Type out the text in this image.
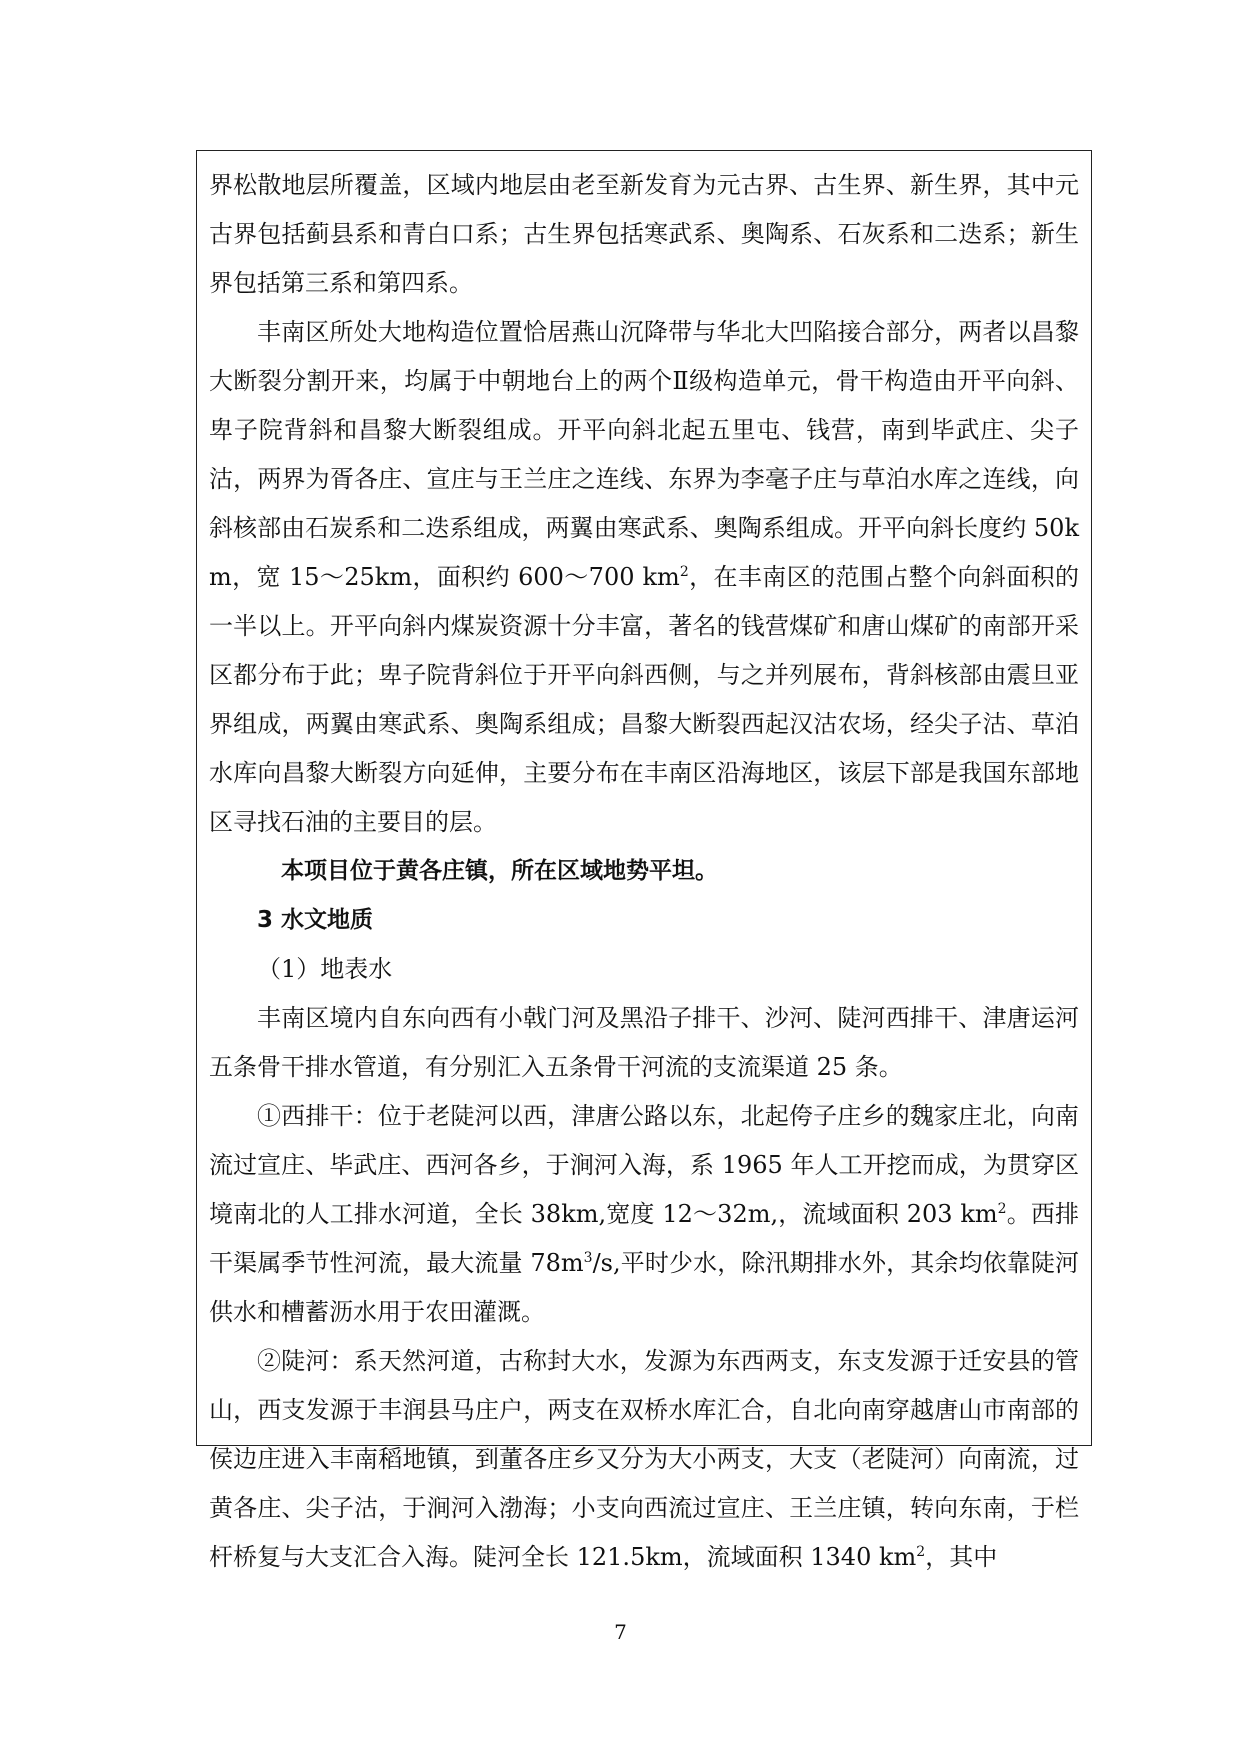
界松散地层所覆盖，区域内地层由老至新发育为元古界、古生界、新生界，其中元古界包括蓟县系和青白口系；古生界包括寒武系、奥陶系、石灰系和二迭系；新生界包括第三系和第四系。

丰南区所处大地构造位置恰居燕山沉降带与华北大凹陷接合部分，两者以昌黎大断裂分割开来，均属于中朝地台上的两个Ⅱ级构造单元，骨干构造由开平向斜、卑子院背斜和昌黎大断裂组成。开平向斜北起五里屯、钱营，南到毕武庄、尖子沽，两界为胥各庄、宣庄与王兰庄之连线、东界为李毫子庄与草泊水库之连线，向斜核部由石炭系和二迭系组成，两翼由寒武系、奥陶系组成。开平向斜长度约 50km，宽 15～25km，面积约 600～700 $km^2$，在丰南区的范围占整个向斜面积的一半以上。开平向斜内煤炭资源十分丰富，著名的钱营煤矿和唐山煤矿的南部开采区都分布于此；卑子院背斜位于开平向斜西侧，与之并列展布，背斜核部由震旦亚界组成，两翼由寒武系、奥陶系组成；昌黎大断裂西起汉沽农场，经尖子沽、草泊水库向昌黎大断裂方向延伸，主要分布在丰南区沿海地区，该层下部是我国东部地区寻找石油的主要目的层。

本项目位于黄各庄镇，所在区域地势平坦。

3 水文地质

（1）地表水

丰南区境内自东向西有小戟门河及黑沿子排干、沙河、陡河西排干、津唐运河五条骨干排水管道，有分别汇入五条骨干河流的支流渠道 25 条。

①西排干：位于老陡河以西，津唐公路以东，北起侉子庄乡的魏家庄北，向南流过宣庄、毕武庄、西河各乡，于涧河入海，系 1965 年人工开挖而成，为贯穿区境南北的人工排水河道，全长 38km,宽度 12～32m,，流域面积 203 $km^2$。西排干渠属季节性河流，最大流量 $78m^3/s$,平时少水，除汛期排水外，其余均依靠陡河供水和槽蓄沥水用于农田灌溉。

②陡河：系天然河道，古称封大水，发源为东西两支，东支发源于迁安县的管山，西支发源于丰润县马庄户，两支在双桥水库汇合，自北向南穿越唐山市南部的侯边庄进入丰南稻地镇，到董各庄乡又分为大小两支，大支（老陡河）向南流，过黄各庄、尖子沽，于涧河入渤海；小支向西流过宣庄、王兰庄镇，转向东南，于栏杆桥复与大支汇合入海。陡河全长 121.5km，流域面积 1340 $km^2$，其中

7
